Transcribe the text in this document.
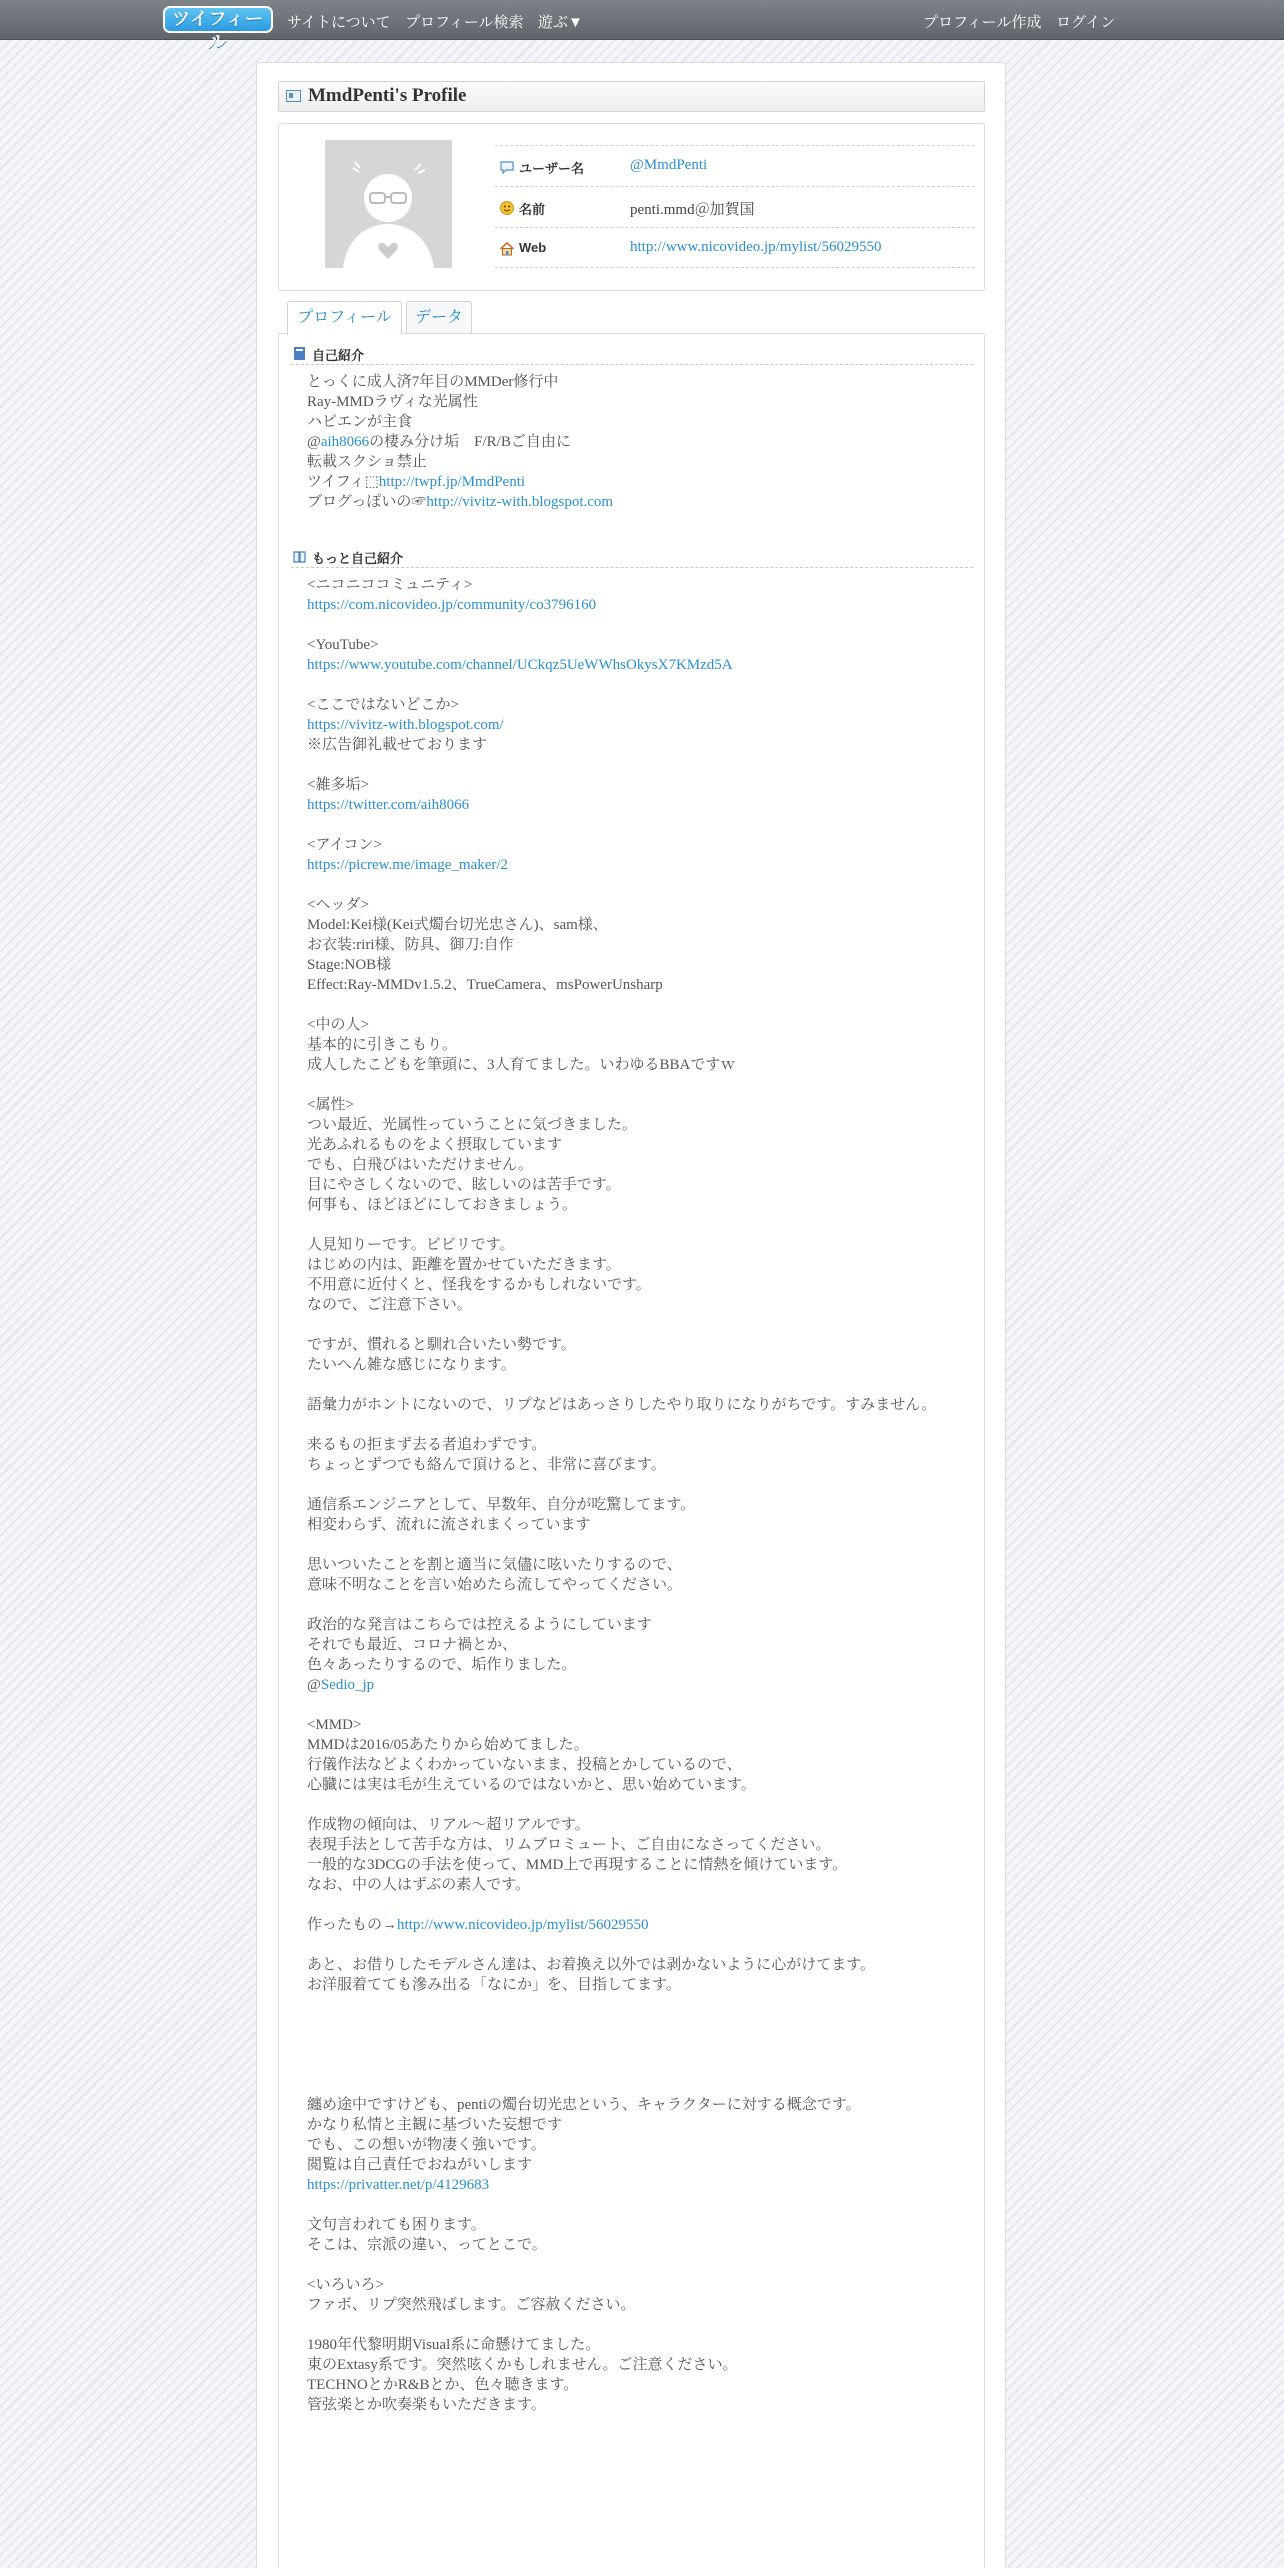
ツイフィール
サイトについて プロフィール検索 遊ぶ▼	プロフィール作成 ログイン
MmdPenti's Profile
ユーザー名	@MmdPenti
名前	penti.mmd＠加賀国
Web	http://www.nicovideo.jp/mylist/56029550
プロフィール	データ
自己紹介
とっくに成人済7年目のMMDer修行中
Ray-MMDラヴィな光属性
ハピエンが主食
@aih8066の棲み分け垢　F/R/Bご自由に
転載スクショ禁止
ツイフィ⬚http://twpf.jp/MmdPenti
ブログっぽいの☞http://vivitz-with.blogspot.com
もっと自己紹介
<ニコニココミュニティ>
https://com.nicovideo.jp/community/co3796160
<YouTube>
https://www.youtube.com/channel/UCkqz5UeWWhsOkysX7KMzd5A
<ここではないどこか>
https://vivitz-with.blogspot.com/
※広告御礼載せております
<雑多垢>
https://twitter.com/aih8066
<アイコン>
https://picrew.me/image_maker/2
<ヘッダ>
Model:Kei様(Kei式燭台切光忠さん)、sam様、
お衣装:riri様、防具、御刀:自作
Stage:NOB様
Effect:Ray-MMDv1.5.2、TrueCamera、msPowerUnsharp
<中の人>
基本的に引きこもり。
成人したこどもを筆頭に、3人育てました。いわゆるBBAですｗ
<属性>
つい最近、光属性っていうことに気づきました。
光あふれるものをよく摂取しています
でも、白飛びはいただけません。
目にやさしくないので、眩しいのは苦手です。
何事も、ほどほどにしておきましょう。
人見知りーです。ビビリです。
はじめの内は、距離を置かせていただきます。
不用意に近付くと、怪我をするかもしれないです。
なので、ご注意下さい。
ですが、慣れると馴れ合いたい勢です。
たいへん雑な感じになります。
語彙力がホントにないので、リプなどはあっさりしたやり取りになりがちです。すみません。
来るもの拒まず去る者追わずです。
ちょっとずつでも絡んで頂けると、非常に喜びます。
通信系エンジニアとして、早数年、自分が吃驚してます。
相変わらず、流れに流されまくっています
思いついたことを割と適当に気儘に呟いたりするので、
意味不明なことを言い始めたら流してやってください。
政治的な発言はこちらでは控えるようにしています
それでも最近、コロナ禍とか、
色々あったりするので、垢作りました。
@Sedio_jp
<MMD>
MMDは2016/05あたりから始めてました。
行儀作法などよくわかっていないまま、投稿とかしているので、
心臓には実は毛が生えているのではないかと、思い始めています。
作成物の傾向は、リアル～超リアルです。
表現手法として苦手な方は、リムブロミュート、ご自由になさってください。
一般的な3DCGの手法を使って、MMD上で再現することに情熱を傾けています。
なお、中の人はずぶの素人です。
作ったもの→http://www.nicovideo.jp/mylist/56029550
あと、お借りしたモデルさん達は、お着換え以外では剥かないように心がけてます。
お洋服着てても滲み出る「なにか」を、目指してます。
纏め途中ですけども、pentiの燭台切光忠という、キャラクターに対する概念です。
かなり私情と主観に基づいた妄想です
でも、この想いが物凄く強いです。
閲覧は自己責任でおねがいします
https://privatter.net/p/4129683
文句言われても困ります。
そこは、宗派の違い、ってとこで。
<いろいろ>
ファボ、リプ突然飛ばします。ご容赦ください。
1980年代黎明期Visual系に命懸けてました。
東のExtasy系です。突然呟くかもしれません。ご注意ください。
TECHNOとかR&Bとか、色々聴きます。
管弦楽とか吹奏楽もいただきます。
